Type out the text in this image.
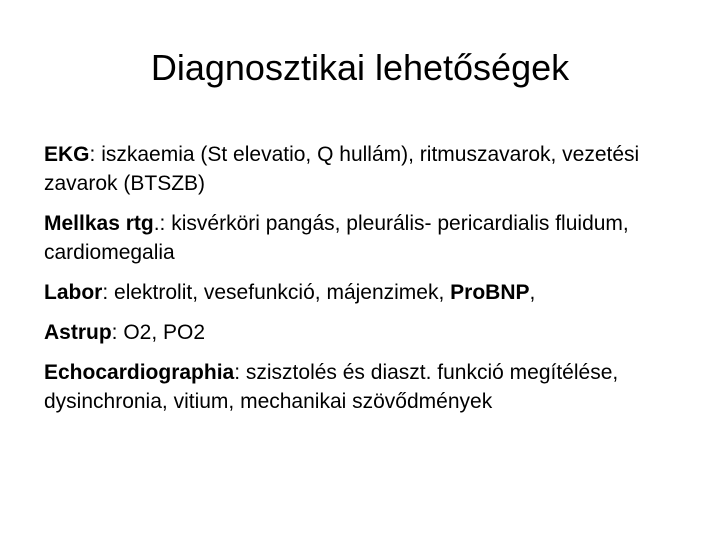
Diagnosztikai lehetőségek

EKG: iszkaemia (St elevatio, Q hullám), ritmuszavarok, vezetési zavarok (BTSZB)

Mellkas rtg.: kisvérköri pangás, pleurális- pericardialis fluidum, cardiomegalia

Labor: elektrolit, vesefunkció, májenzimek, ProBNP,

Astrup: O2, PO2

Echocardiographia: szisztolés és diaszt. funkció megítélése, dysinchronia, vitium, mechanikai szövődmények
